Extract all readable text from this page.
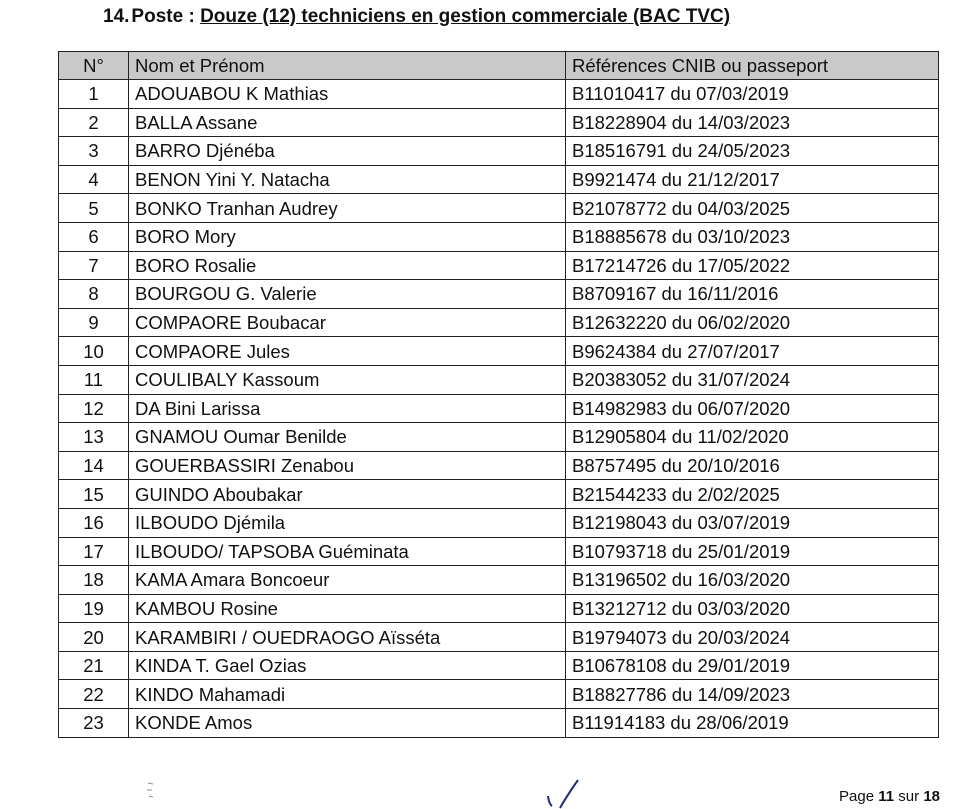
14. Poste : Douze (12) techniciens en gestion commerciale (BAC TVC)
N°	Nom et Prénom	Références CNIB ou passeport
1	ADOUABOU K Mathias	B11010417 du 07/03/2019
2	BALLA Assane	B18228904 du 14/03/2023
3	BARRO Djénéba	B18516791 du 24/05/2023
4	BENON Yini Y. Natacha	B9921474 du 21/12/2017
5	BONKO Tranhan Audrey	B21078772 du 04/03/2025
6	BORO Mory	B18885678 du 03/10/2023
7	BORO Rosalie	B17214726 du 17/05/2022
8	BOURGOU G. Valerie	B8709167 du 16/11/2016
9	COMPAORE Boubacar	B12632220 du 06/02/2020
10	COMPAORE Jules	B9624384 du 27/07/2017
11	COULIBALY Kassoum	B20383052 du 31/07/2024
12	DA Bini Larissa	B14982983 du 06/07/2020
13	GNAMOU Oumar Benilde	B12905804 du 11/02/2020
14	GOUERBASSIRI Zenabou	B8757495 du 20/10/2016
15	GUINDO Aboubakar	B21544233 du 2/02/2025
16	ILBOUDO Djémila	B12198043 du 03/07/2019
17	ILBOUDO/ TAPSOBA Guéminata	B10793718 du 25/01/2019
18	KAMA Amara Boncoeur	B13196502 du 16/03/2020
19	KAMBOU Rosine	B13212712 du 03/03/2020
20	KARAMBIRI / OUEDRAOGO Aïsséta	B19794073 du 20/03/2024
21	KINDA T. Gael Ozias	B10678108 du 29/01/2019
22	KINDO Mahamadi	B18827786 du 14/09/2023
23	KONDE Amos	B11914183 du 28/06/2019
Page 11 sur 18
